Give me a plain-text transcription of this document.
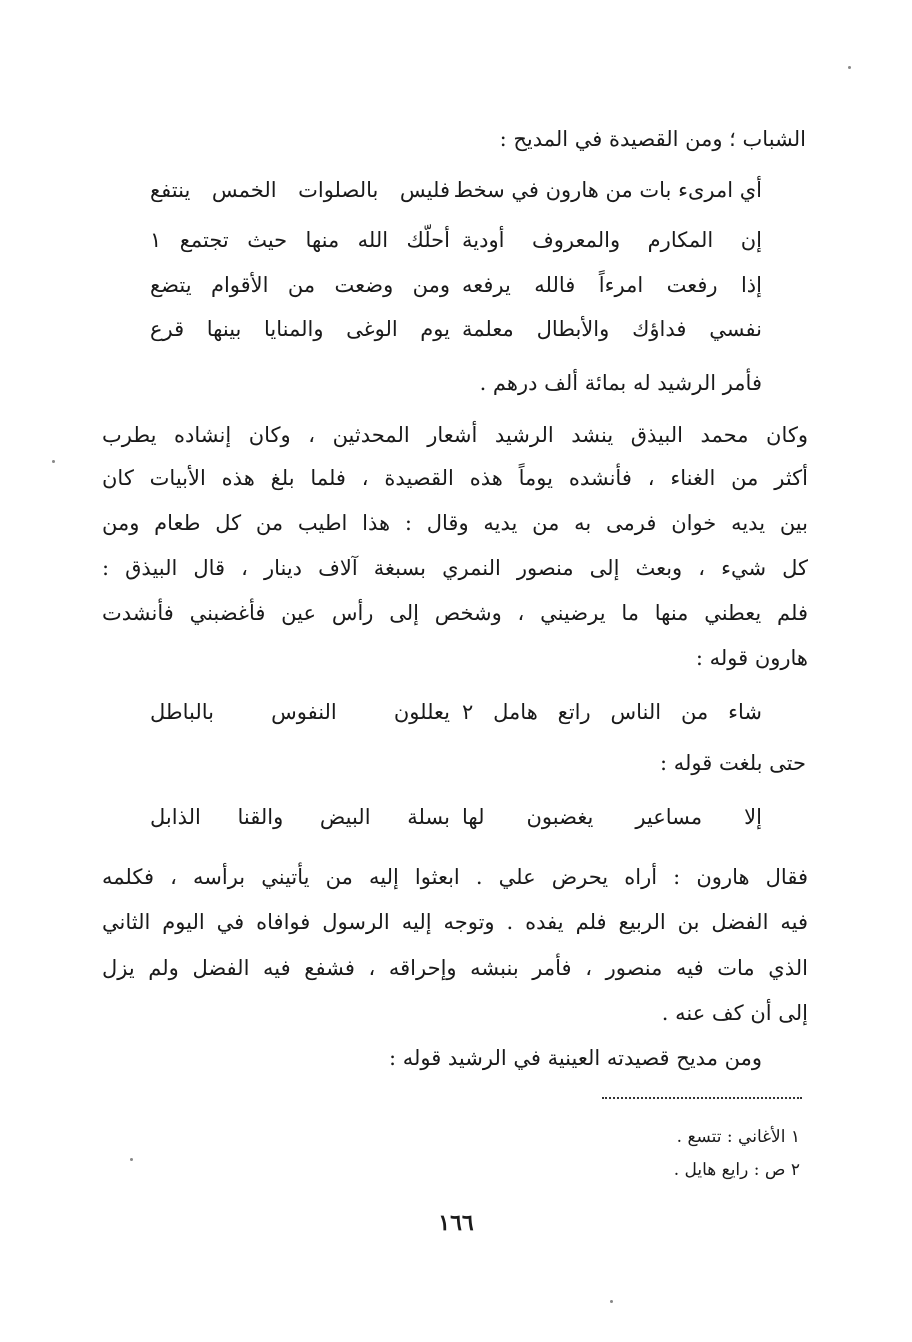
الشباب ؛ ومن القصيدة في المديح :
أي امرىء بات من هارون في سخط
فليس بالصلوات الخمس ينتفع
إن المكارم والمعروف أودية
أحلّك الله منها حيث تجتمع ١
إذا رفعت امرءاً فالله يرفعه
ومن وضعت من الأقوام يتضع
نفسي فداؤك والأبطال معلمة
يوم الوغى والمنايا بينها قرع
فأمر الرشيد له بمائة ألف درهم .
وكان محمد البيذق ينشد الرشيد أشعار المحدثين ، وكان إنشاده يطرب
أكثر من الغناء ، فأنشده يوماً هذه القصيدة ، فلما بلغ هذه الأبيات كان
بين يديه خوان فرمى به من يديه وقال : هذا اطيب من كل طعام ومن
كل شيء ، وبعث إلى منصور النمري بسبغة آلاف دينار ، قال البيذق :
فلم يعطني منها ما يرضيني ، وشخص إلى رأس عين فأغضبني فأنشدت
هارون قوله :
شاء من الناس راتع هامل ٢
يعللون النفوس بالباطل
حتى بلغت قوله :
إلا مساعير يغضبون لها
بسلة البيض والقنا الذابل
فقال هارون : أراه يحرض علي . ابعثوا إليه من يأتيني برأسه ، فكلمه
فيه الفضل بن الربيع فلم يفده . وتوجه إليه الرسول فوافاه في اليوم الثاني
الذي مات فيه منصور ، فأمر بنبشه وإحراقه ، فشفع فيه الفضل ولم يزل
إلى أن كف عنه .
ومن مديح قصيدته العينية في الرشيد قوله :
١ الأغاني : تتسع .
٢ ص : رايع هايل .
١٦٦
